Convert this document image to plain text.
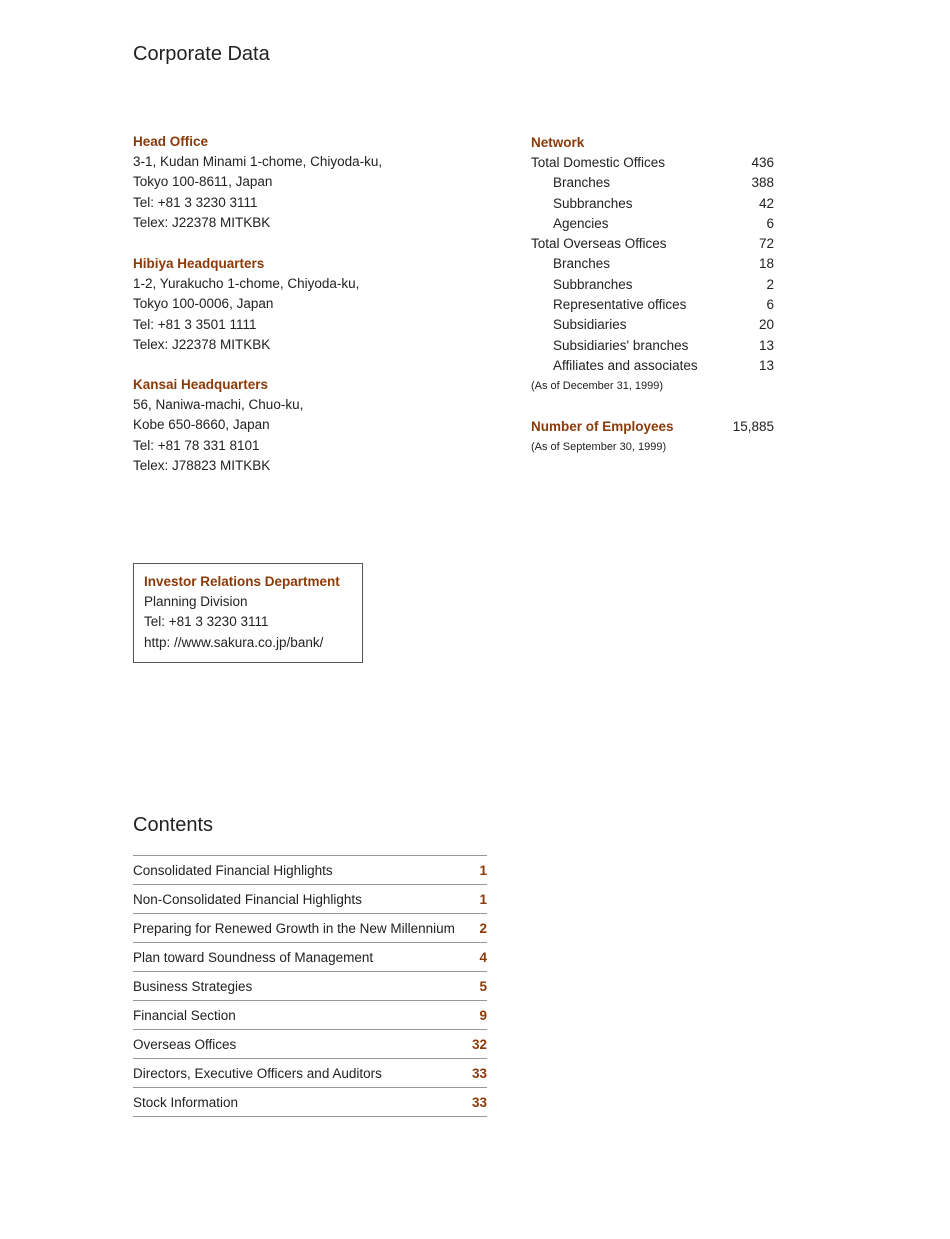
Corporate Data
Head Office
3-1, Kudan Minami 1-chome, Chiyoda-ku,
Tokyo 100-8611, Japan
Tel: +81 3 3230 3111
Telex: J22378 MITKBK
Hibiya Headquarters
1-2, Yurakucho 1-chome, Chiyoda-ku,
Tokyo 100-0006, Japan
Tel: +81 3 3501 1111
Telex: J22378 MITKBK
Kansai Headquarters
56, Naniwa-machi, Chuo-ku,
Kobe 650-8660, Japan
Tel: +81 78 331 8101
Telex: J78823 MITKBK
Network
Total Domestic Offices	436
Branches	388
Subbranches	42
Agencies	6
Total Overseas Offices	72
Branches	18
Subbranches	2
Representative offices	6
Subsidiaries	20
Subsidiaries' branches	13
Affiliates and associates	13
(As of December 31, 1999)
Number of Employees	15,885
(As of September 30, 1999)
Investor Relations Department
Planning Division
Tel: +81 3 3230 3111
http: //www.sakura.co.jp/bank/
Contents
Consolidated Financial Highlights	1
Non-Consolidated Financial Highlights	1
Preparing for Renewed Growth in the New Millennium 2
Plan toward Soundness of Management	4
Business Strategies	5
Financial Section	9
Overseas Offices	32
Directors, Executive Officers and Auditors	33
Stock Information	33
